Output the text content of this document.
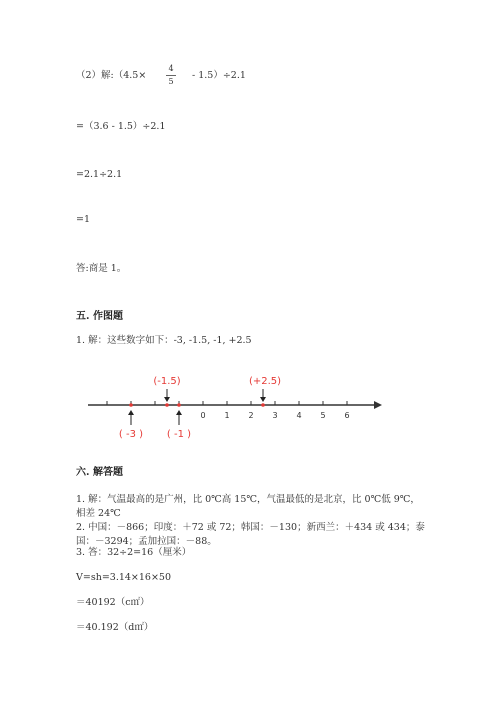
（2）解:（4.5×
4
5
- 1.5）÷2.1
=（3.6 - 1.5）÷2.1
=2.1÷2.1
=1
答:商是 1。
五. 作图题
1. 解：这些数字如下：-3, -1.5, -1, +2.5
0 1 2 3 4 5 6
(-1.5)	(+2.5)
( -3 ) ( -1 )
六. 解答题
1. 解：气温最高的是广州，比 0℃高 15℃，气温最低的是北京，比 0℃低 9℃，相差 24℃
2. 中国：－866；印度：＋72 或 72；韩国：－130；新西兰：＋434 或 434；泰国：－3294；孟加拉国：－88。
3. 答：32÷2=16（厘米）
V=sh=3.14×16×50
＝40192（c㎡）
＝40.192（d㎡）
